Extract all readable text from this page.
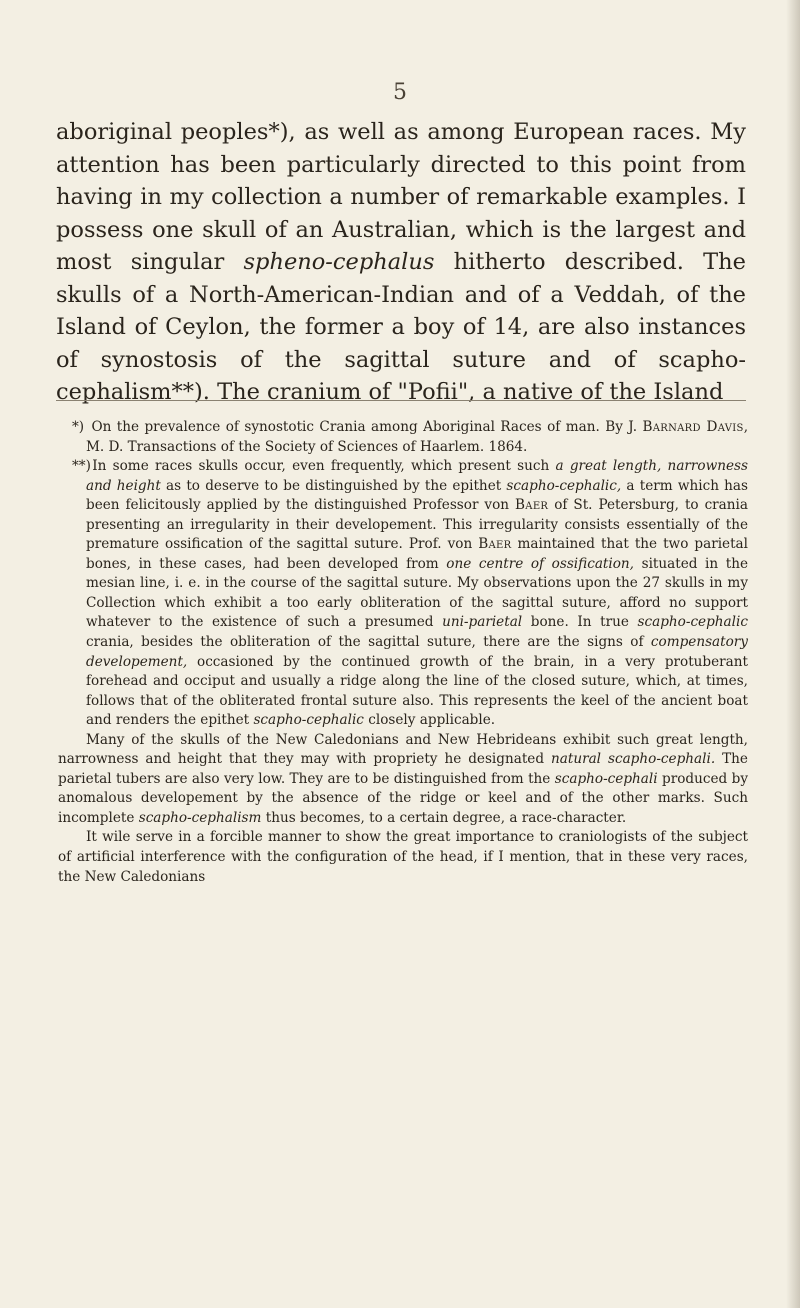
5

aboriginal peoples*), as well as among European races. My attention has been particularly directed to this point from having in my collection a number of remarkable examples. I possess one skull of an Australian, which is the largest and most singular spheno-cephalus hitherto described. The skulls of a North-American-Indian and of a Veddah, of the Island of Ceylon, the former a boy of 14, are also instances of synostosis of the sagittal suture and of scapho-cephalism**). The cranium of "Pofii", a native of the Island

*) On the prevalence of synostotic Crania among Aboriginal Races of man. By J. Barnard Davis, M. D. Transactions of the Society of Sciences of Haarlem. 1864.

**) In some races skulls occur, even frequently, which present such a great length, narrowness and height as to deserve to be distinguished by the epithet scapho-cephalic, a term which has been felicitously applied by the distinguished Professor von Baer of St. Petersburg, to crania presenting an irregularity in their developement. This irregularity consists essentially of the premature ossification of the sagittal suture. Prof. von Baer maintained that the two parietal bones, in these cases, had been developed from one centre of ossification, situated in the mesian line, i. e. in the course of the sagittal suture. My observations upon the 27 skulls in my Collection which exhibit a too early obliteration of the sagittal suture, afford no support whatever to the existence of such a presumed uni-parietal bone. In true scapho-cephalic crania, besides the obliteration of the sagittal suture, there are the signs of compensatory developement, occasioned by the continued growth of the brain, in a very protuberant forehead and occiput and usually a ridge along the line of the closed suture, which, at times, follows that of the obliterated frontal suture also. This represents the keel of the ancient boat and renders the epithet scapho-cephalic closely applicable.

Many of the skulls of the New Caledonians and New Hebrideans exhibit such great length, narrowness and height that they may with propriety he designated natural scapho-cephali. The parietal tubers are also very low. They are to be distinguished from the scapho-cephali produced by anomalous developement by the absence of the ridge or keel and of the other marks. Such incomplete scapho-cephalism thus becomes, to a certain degree, a race-character.

It wile serve in a forcible manner to show the great importance to craniologists of the subject of artificial interference with the configuration of the head, if I mention, that in these very races, the New Caledonians
